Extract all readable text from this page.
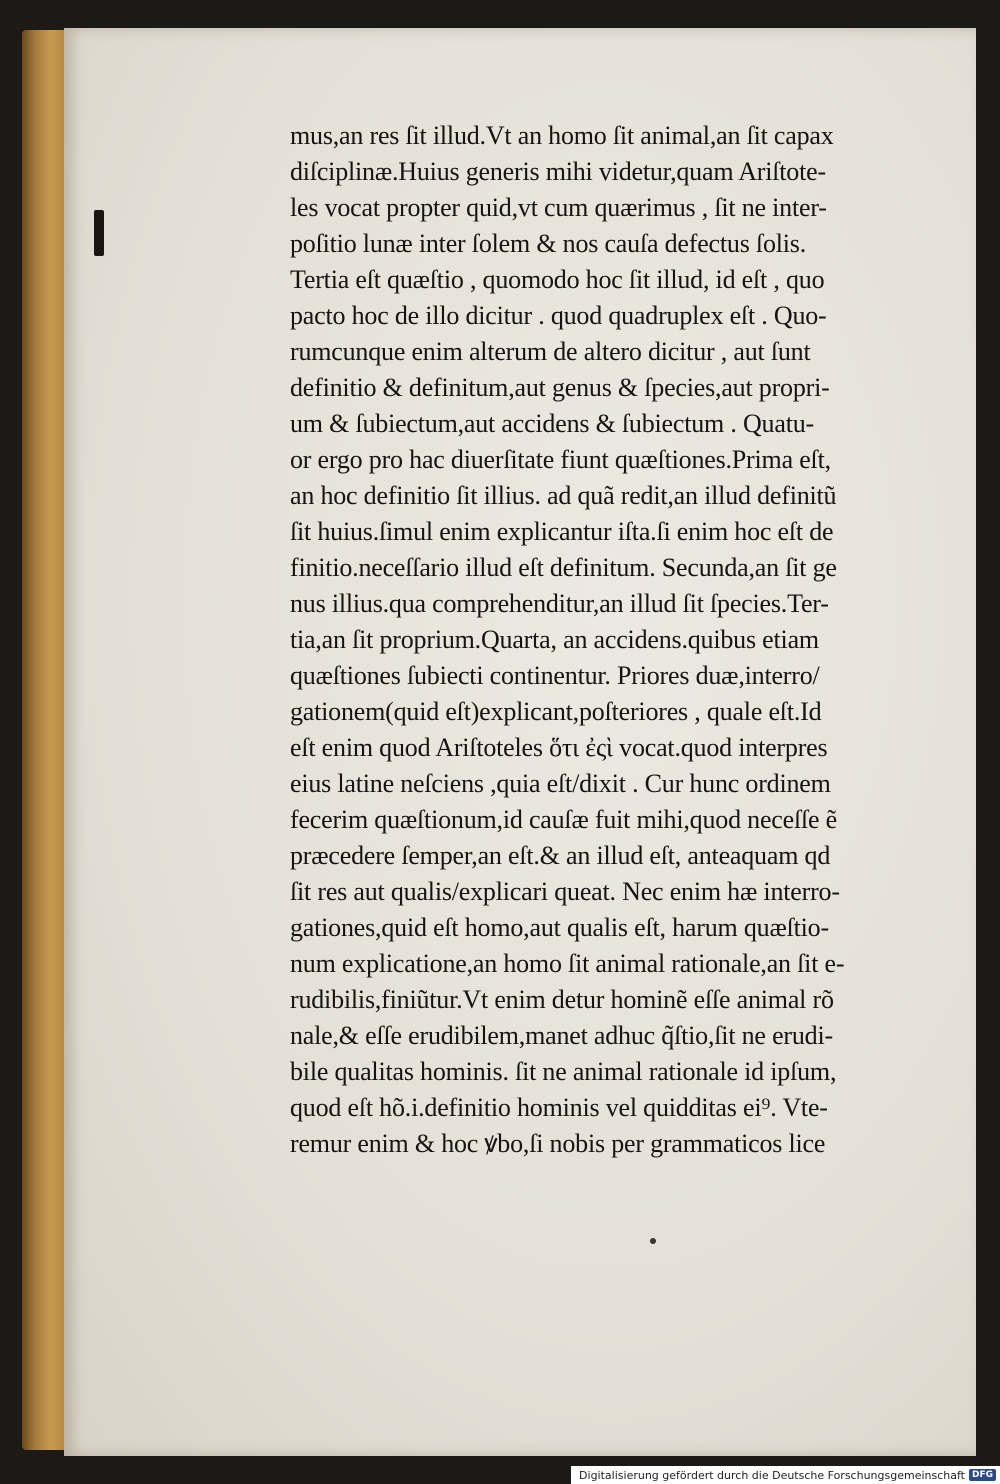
mus,an res ſit illud.Vt an homo ſit animal,an ſit capax
diſciplinæ.Huius generis mihi videtur,quam Ariſtote-
les vocat propter quid,vt cum quærimus , ſit ne inter-
poſitio lunæ inter ſolem & nos cauſa defectus ſolis.
Tertia eſt quæſtio , quomodo hoc ſit illud, id eſt , quo
pacto hoc de illo dicitur . quod quadruplex eſt . Quo-
rumcunque enim alterum de altero dicitur , aut ſunt
definitio & definitum,aut genus & ſpecies,aut propri-
um & ſubiectum,aut accidens & ſubiectum . Quatu-
or ergo pro hac diuerſitate fiunt quæſtiones.Prima eſt,
an hoc definitio ſit illius. ad quã redit,an illud definitũ
ſit huius.ſimul enim explicantur iſta.ſi enim hoc eſt de
finitio.neceſſario illud eſt definitum. Secunda,an ſit ge
nus illius.qua comprehenditur,an illud ſit ſpecies.Ter-
tia,an ſit proprium.Quarta, an accidens.quibus etiam
quæſtiones ſubiecti continentur. Priores duæ,interro/
gationem(quid eſt)explicant,poſteriores , quale eſt.Id
eſt enim quod Ariſtoteles ὅτι ἐςὶ vocat.quod interpres
eius latine neſciens ,quia eſt/dixit . Cur hunc ordinem
fecerim quæſtionum,id cauſæ fuit mihi,quod neceſſe ẽ
præcedere ſemper,an eſt.& an illud eſt, anteaquam qd
ſit res aut qualis/explicari queat. Nec enim hæ interro-
gationes,quid eſt homo,aut qualis eſt, harum quæſtio-
num explicatione,an homo ſit animal rationale,an ſit e-
rudibilis,finiũtur.Vt enim detur hominẽ eſſe animal rõ
nale,& eſſe erudibilem,manet adhuc q̃ſtio,ſit ne erudi-
bile qualitas hominis. ſit ne animal rationale id ipſum,
quod eſt hõ.i.definitio hominis vel quidditas ei⁹. Vte-
remur enim & hoc ꝟbo,ſi nobis per grammaticos lice
Digitalisierung gefördert durch die Deutsche Forschungsgemeinschaft DFG
